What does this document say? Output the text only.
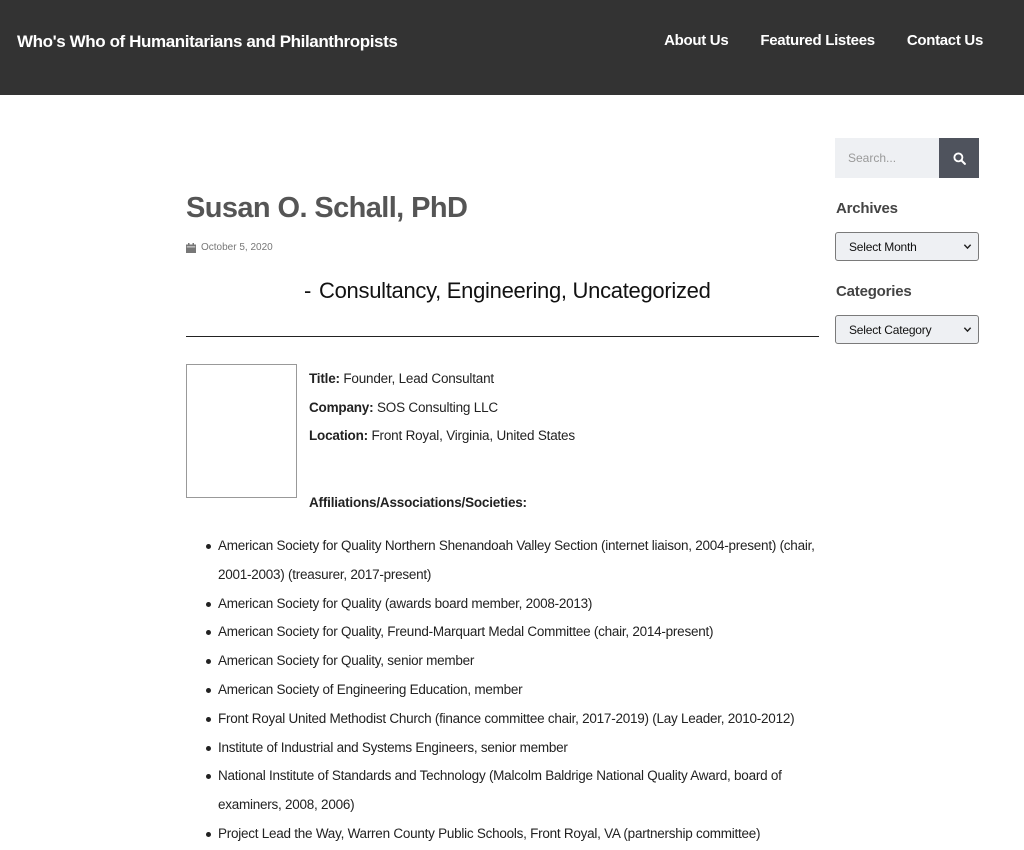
Who's Who of Humanitarians and Philanthropists	About Us Featured Listees Contact Us
Susan O. Schall, PhD
October 5, 2020
- Consultancy, Engineering, Uncategorized
Title: Founder, Lead Consultant
Company: SOS Consulting LLC
Location: Front Royal, Virginia, United States
Affiliations/Associations/Societies:
American Society for Quality Northern Shenandoah Valley Section (internet liaison, 2004-present) (chair, 2001-2003) (treasurer, 2017-present)
American Society for Quality (awards board member, 2008-2013)
American Society for Quality, Freund-Marquart Medal Committee (chair, 2014-present)
American Society for Quality, senior member
American Society of Engineering Education, member
Front Royal United Methodist Church (finance committee chair, 2017-2019) (Lay Leader, 2010-2012)
Institute of Industrial and Systems Engineers, senior member
National Institute of Standards and Technology (Malcolm Baldrige National Quality Award, board of examiners, 2008, 2006)
Project Lead the Way, Warren County Public Schools, Front Royal, VA (partnership committee)
Search...
Archives
Select Month
Categories
Select Category
